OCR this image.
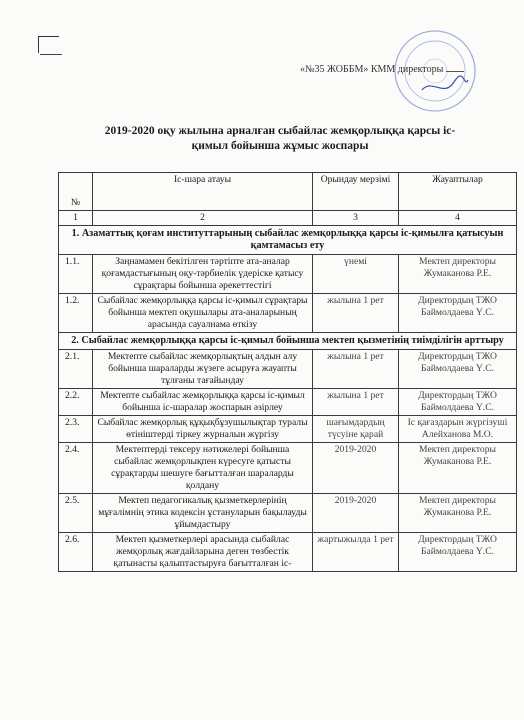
«№35 ЖОББМ» КММ директоры
2019-2020 оқу жылына арналған сыбайлас жемқорлыққа қарсы іс-
қимыл бойынша жұмыс жоспары
№	Іс-шара атауы	Орындау мерзімі	Жауаптылар
1	2	3	4
1. Азаматтық қоғам институттарының сыбайлас жемқорлыққа қарсы іс-қимылға қатысуын қамтамасыз ету			
1.1.	Заңнамамен бекітілген тәртіпте ата-аналар қоғамдастығының оқу-тәрбиелік үдеріске қатысу сұрақтары бойынша әрекеттестігі	үнемі	Мектеп директоры Жумаканова Р.Е.
1.2.	Сыбайлас жемқорлыққа қарсы іс-қимыл сұрақтары бойынша мектеп оқушылары ата-аналарының арасында сауалнама өткізу	жылына 1 рет	Директордың ТЖО Баймолдаева Ү.С.
2. Сыбайлас жемқорлыққа қарсы іс-қимыл бойынша мектеп қызметінің тиімділігін арттыру			
2.1.	Мектепте сыбайлас жемқорлықтың алдын алу бойынша шараларды жүзеге асыруға жауапты тұлғаны тағайындау	жылына 1 рет	Директордың ТЖО Баймолдаева Ү.С.
2.2.	Мектепте сыбайлас жемқорлыққа қарсы іс-қимыл бойынша іс-шаралар жоспарын әзірлеу	жылына 1 рет	Директордың ТЖО Баймолдаева Ү.С.
2.3.	Сыбайлас жемқорлық құқықбұзушылықтар туралы өтініштерді тіркеу журналын жүргізу	шағымдардың түсуіне қарай	Іс қағаздарын жүргізуші Алейханова М.О.
2.4.	Мектептерді тексеру нәтижелері бойынша сыбайлас жемқорлықпен күресуге қатысты сұрақтарды шешуге бағытталған шараларды қолдану	2019-2020	Мектеп директоры Жумаканова Р.Е.
2.5.	Мектеп педагогикалық қызметкерлерінің мұғалімнің этика кодексін ұстануларын бақылауды ұйымдастыру	2019-2020	Мектеп директоры Жумаканова Р.Е.
2.6.	Мектеп қызметкерлері арасында сыбайлас жемқорлық жағдайларына деген төзбестік қатынасты қалыптастыруға бағытталған іс-	жартыжылда 1 рет	Директордың ТЖО Баймолдаева Ү.С.
